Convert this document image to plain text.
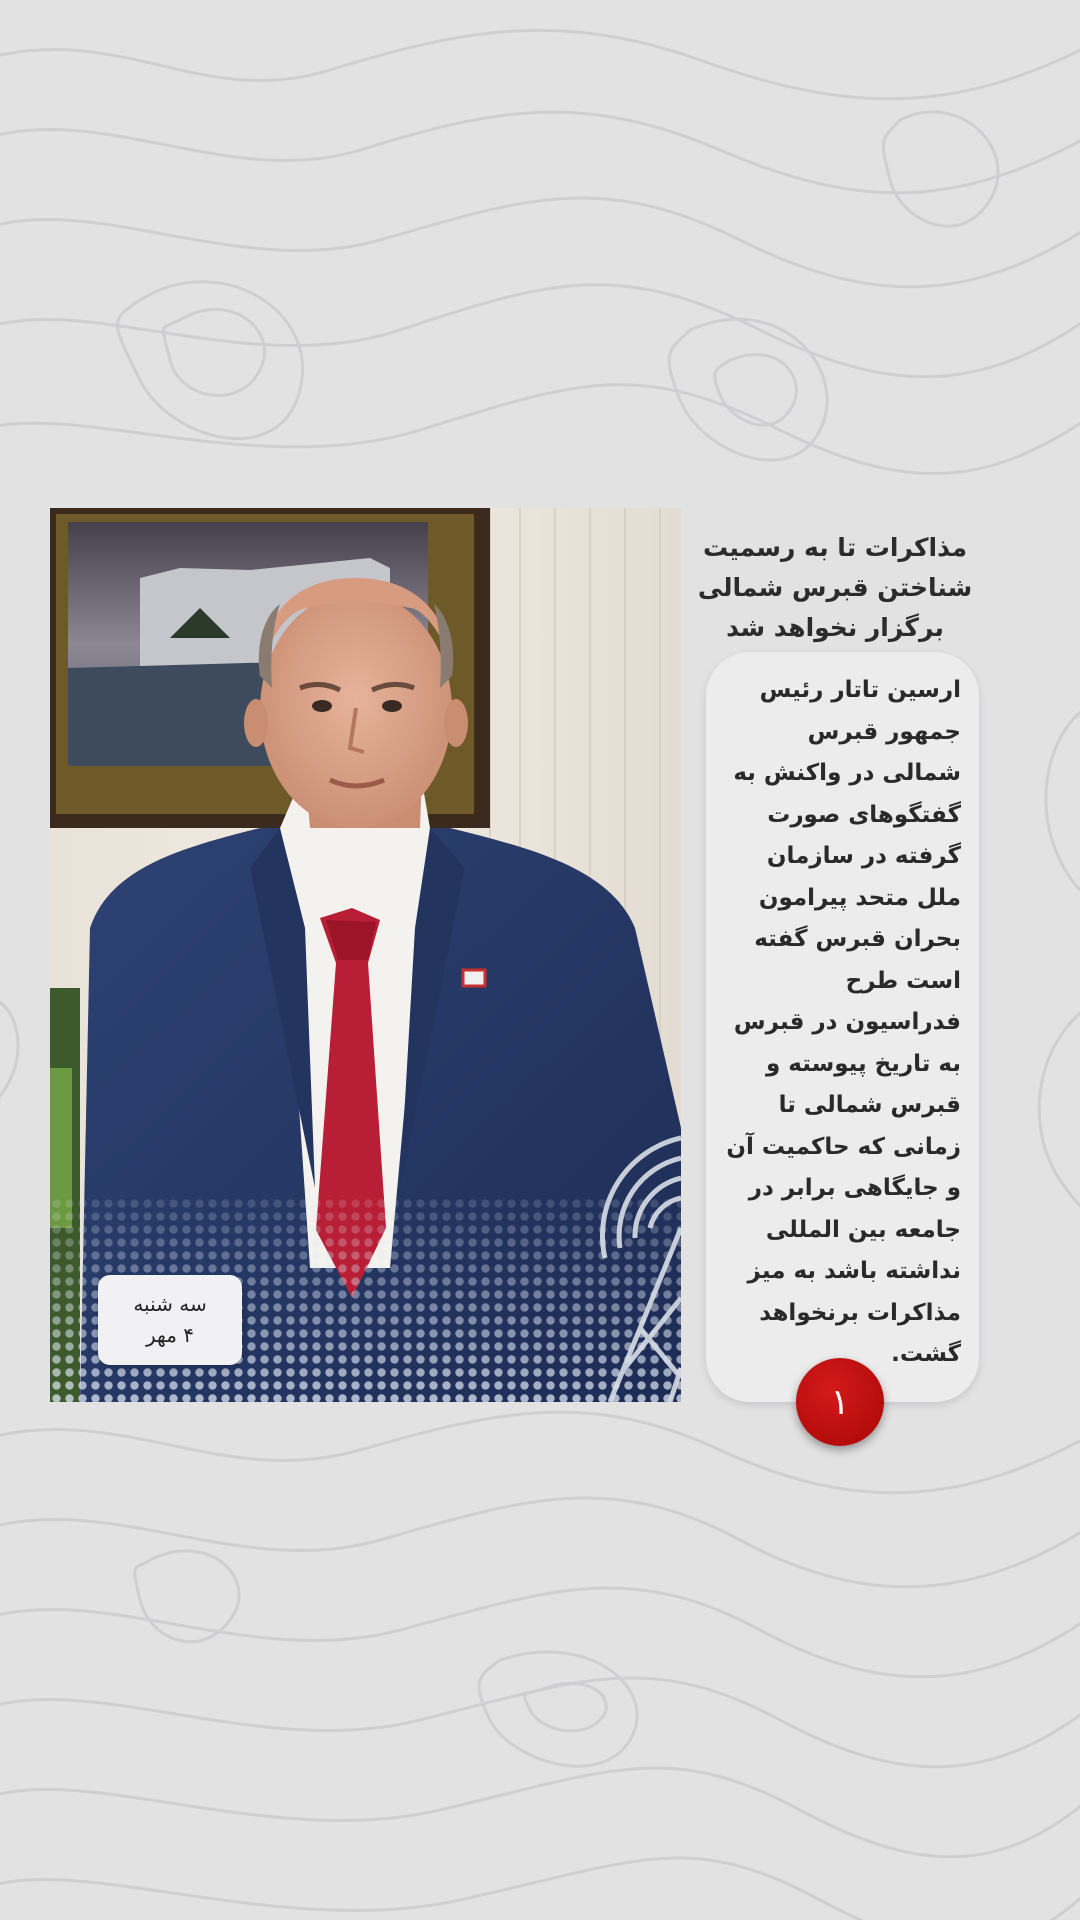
سه شنبه
۴ مهر
مذاکرات تا به رسمیت شناختن قبرس شمالی برگزار نخواهد شد
ارسین تاتار رئیس جمهور قبرس شمالی در واکنش به گفتگوهای صورت گرفته در سازمان ملل متحد پیرامون بحران قبرس گفته است طرح فدراسیون در قبرس به تاریخ پیوسته و قبرس شمالی تا زمانی که حاکمیت آن و جایگاهی برابر در جامعه بین المللی نداشته باشد به میز مذاکرات برنخواهد گشت.
۱
